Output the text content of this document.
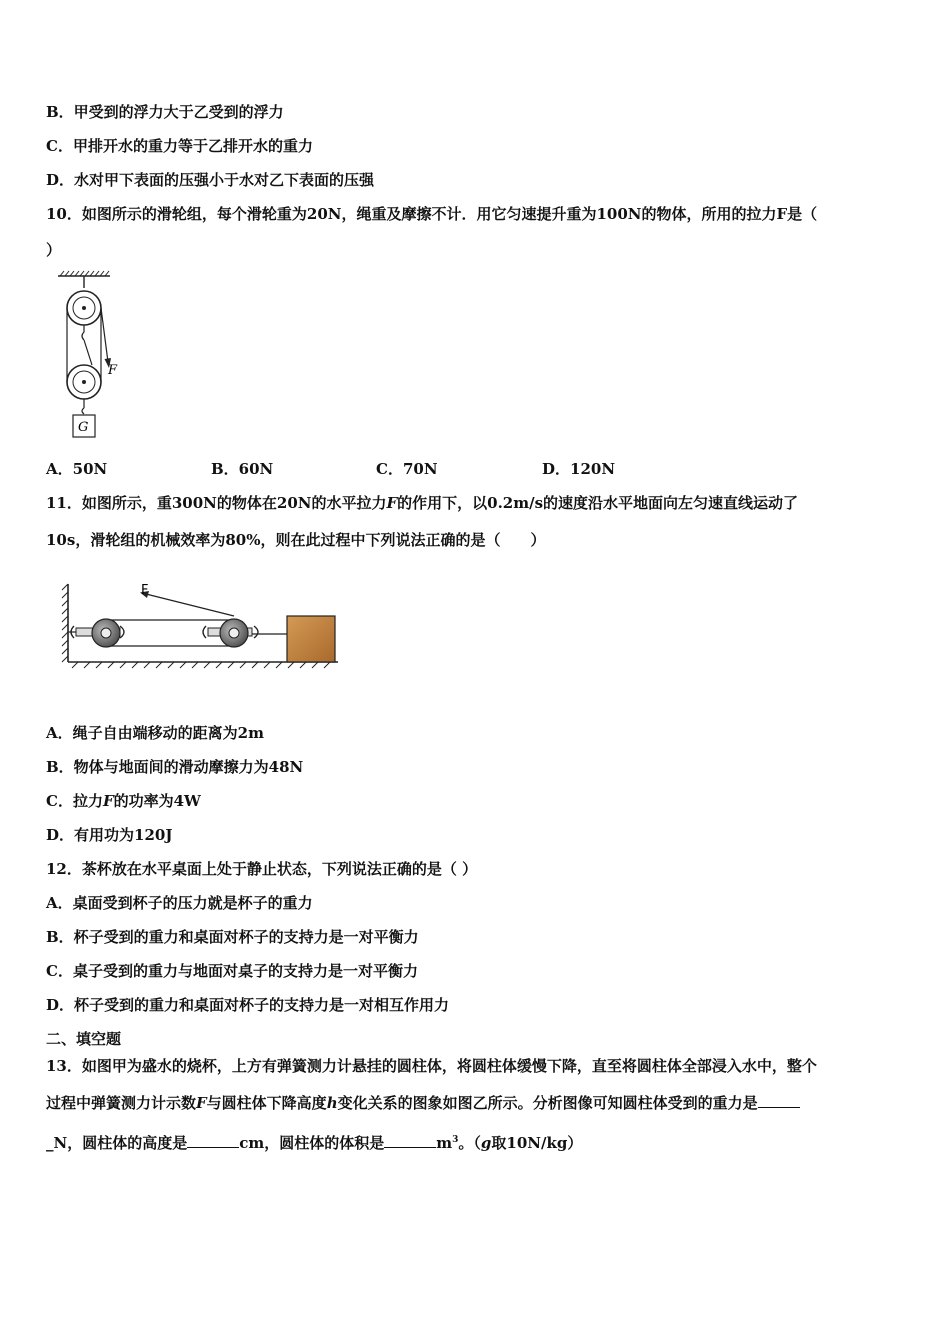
B．甲受到的浮力大于乙受到的浮力
C．甲排开水的重力等于乙排开水的重力
D．水对甲下表面的压强小于水对乙下表面的压强
10．如图所示的滑轮组，每个滑轮重为20N，绳重及摩擦不计．用它匀速提升重为100N的物体，所用的拉力F是（
）
F
G
A．50N	B．60N	C．70N	D．120N
11．如图所示，重300N的物体在20N的水平拉力F的作用下，以0.2m/s的速度沿水平地面向左匀速直线运动了
10s，滑轮组的机械效率为80%，则在此过程中下列说法正确的是（　　）
F
A．绳子自由端移动的距离为2m
B．物体与地面间的滑动摩擦力为48N
C．拉力F的功率为4W
D．有用功为120J
12．茶杯放在水平桌面上处于静止状态，下列说法正确的是（ ）
A．桌面受到杯子的压力就是杯子的重力
B．杯子受到的重力和桌面对杯子的支持力是一对平衡力
C．桌子受到的重力与地面对桌子的支持力是一对平衡力
D．杯子受到的重力和桌面对杯子的支持力是一对相互作用力
二、填空题
13．如图甲为盛水的烧杯，上方有弹簧测力计悬挂的圆柱体，将圆柱体缓慢下降，直至将圆柱体全部浸入水中，整个
过程中弹簧测力计示数F与圆柱体下降高度h变化关系的图象如图乙所示。分析图像可知圆柱体受到的重力是
_N，圆柱体的高度是	cm，圆柱体的体积是	$m^3$。（g取10N/kg）
